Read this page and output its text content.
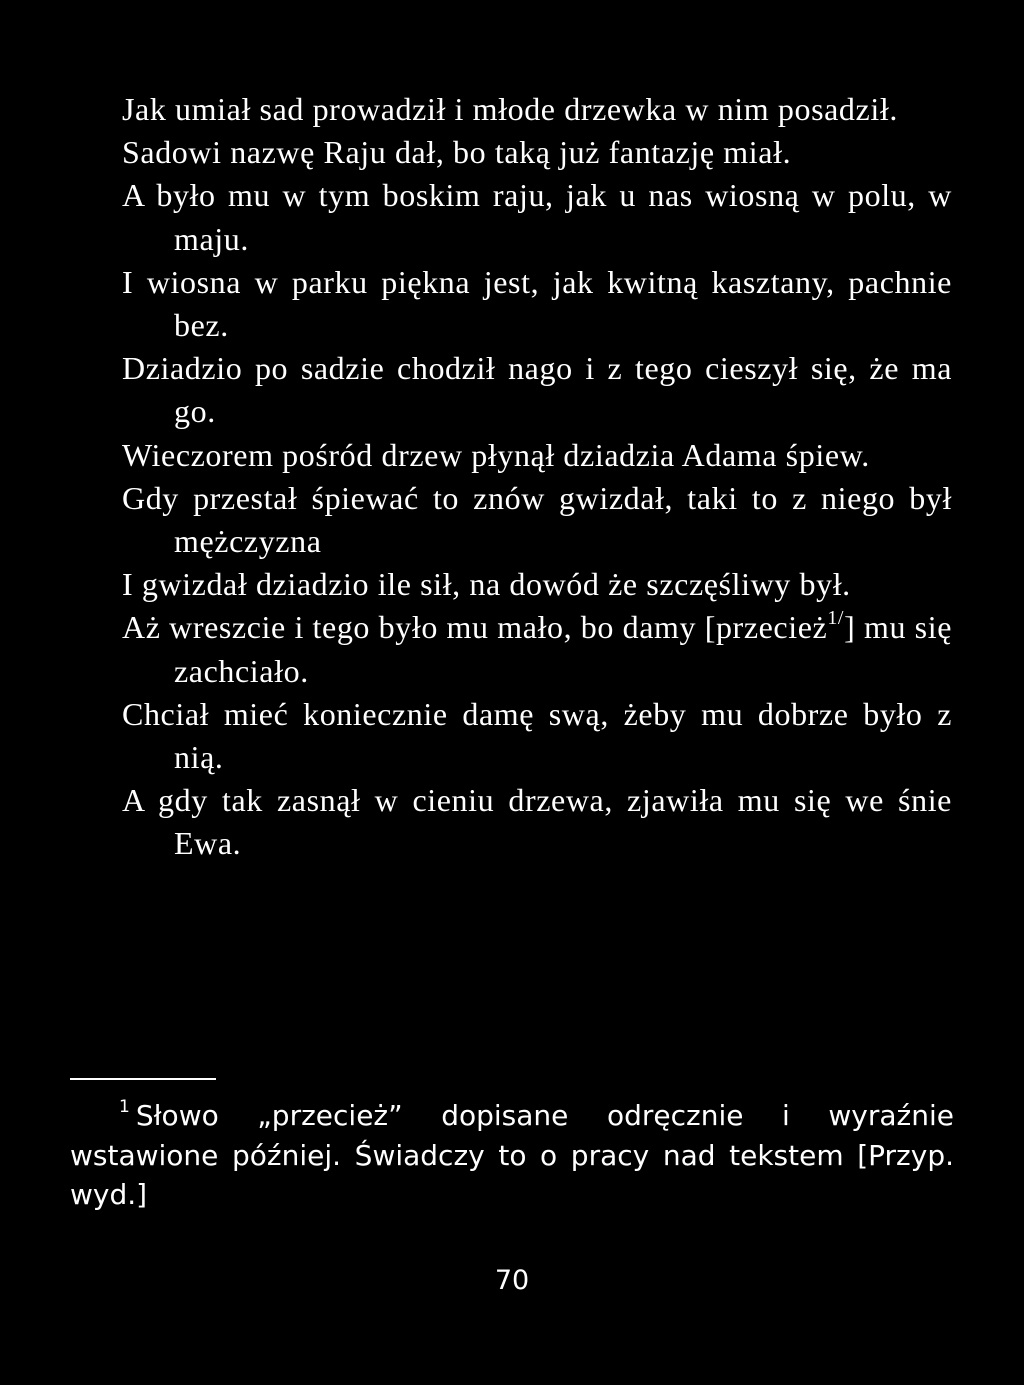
Jak umiał sad prowadził i młode drzewka w nim posadził.
Sadowi nazwę Raju dał, bo taką już fantazję miał.
A było mu w tym boskim raju, jak u nas wiosną w polu, w maju.
I wiosna w parku piękna jest, jak kwitną kasztany, pachnie bez.
Dziadzio po sadzie chodził nago i z tego cieszył się, że ma go.
Wieczorem pośród drzew płynął dziadzia Adama śpiew.
Gdy przestał śpiewać to znów gwizdał, taki to z niego był mężczyzna
I gwizdał dziadzio ile sił, na dowód że szczęśliwy był.
Aż wreszcie i tego było mu mało, bo damy [przecież$^{1/}$] mu się zachciało.
Chciał mieć koniecznie damę swą, żeby mu dobrze było z nią.
A gdy tak zasnął w cieniu drzewa, zjawiła mu się we śnie Ewa.
$^1$ Słowo „przecież” dopisane odręcznie i wyraźnie wstawione później. Świadczy to o pracy nad tekstem [Przyp. wyd.]
70
